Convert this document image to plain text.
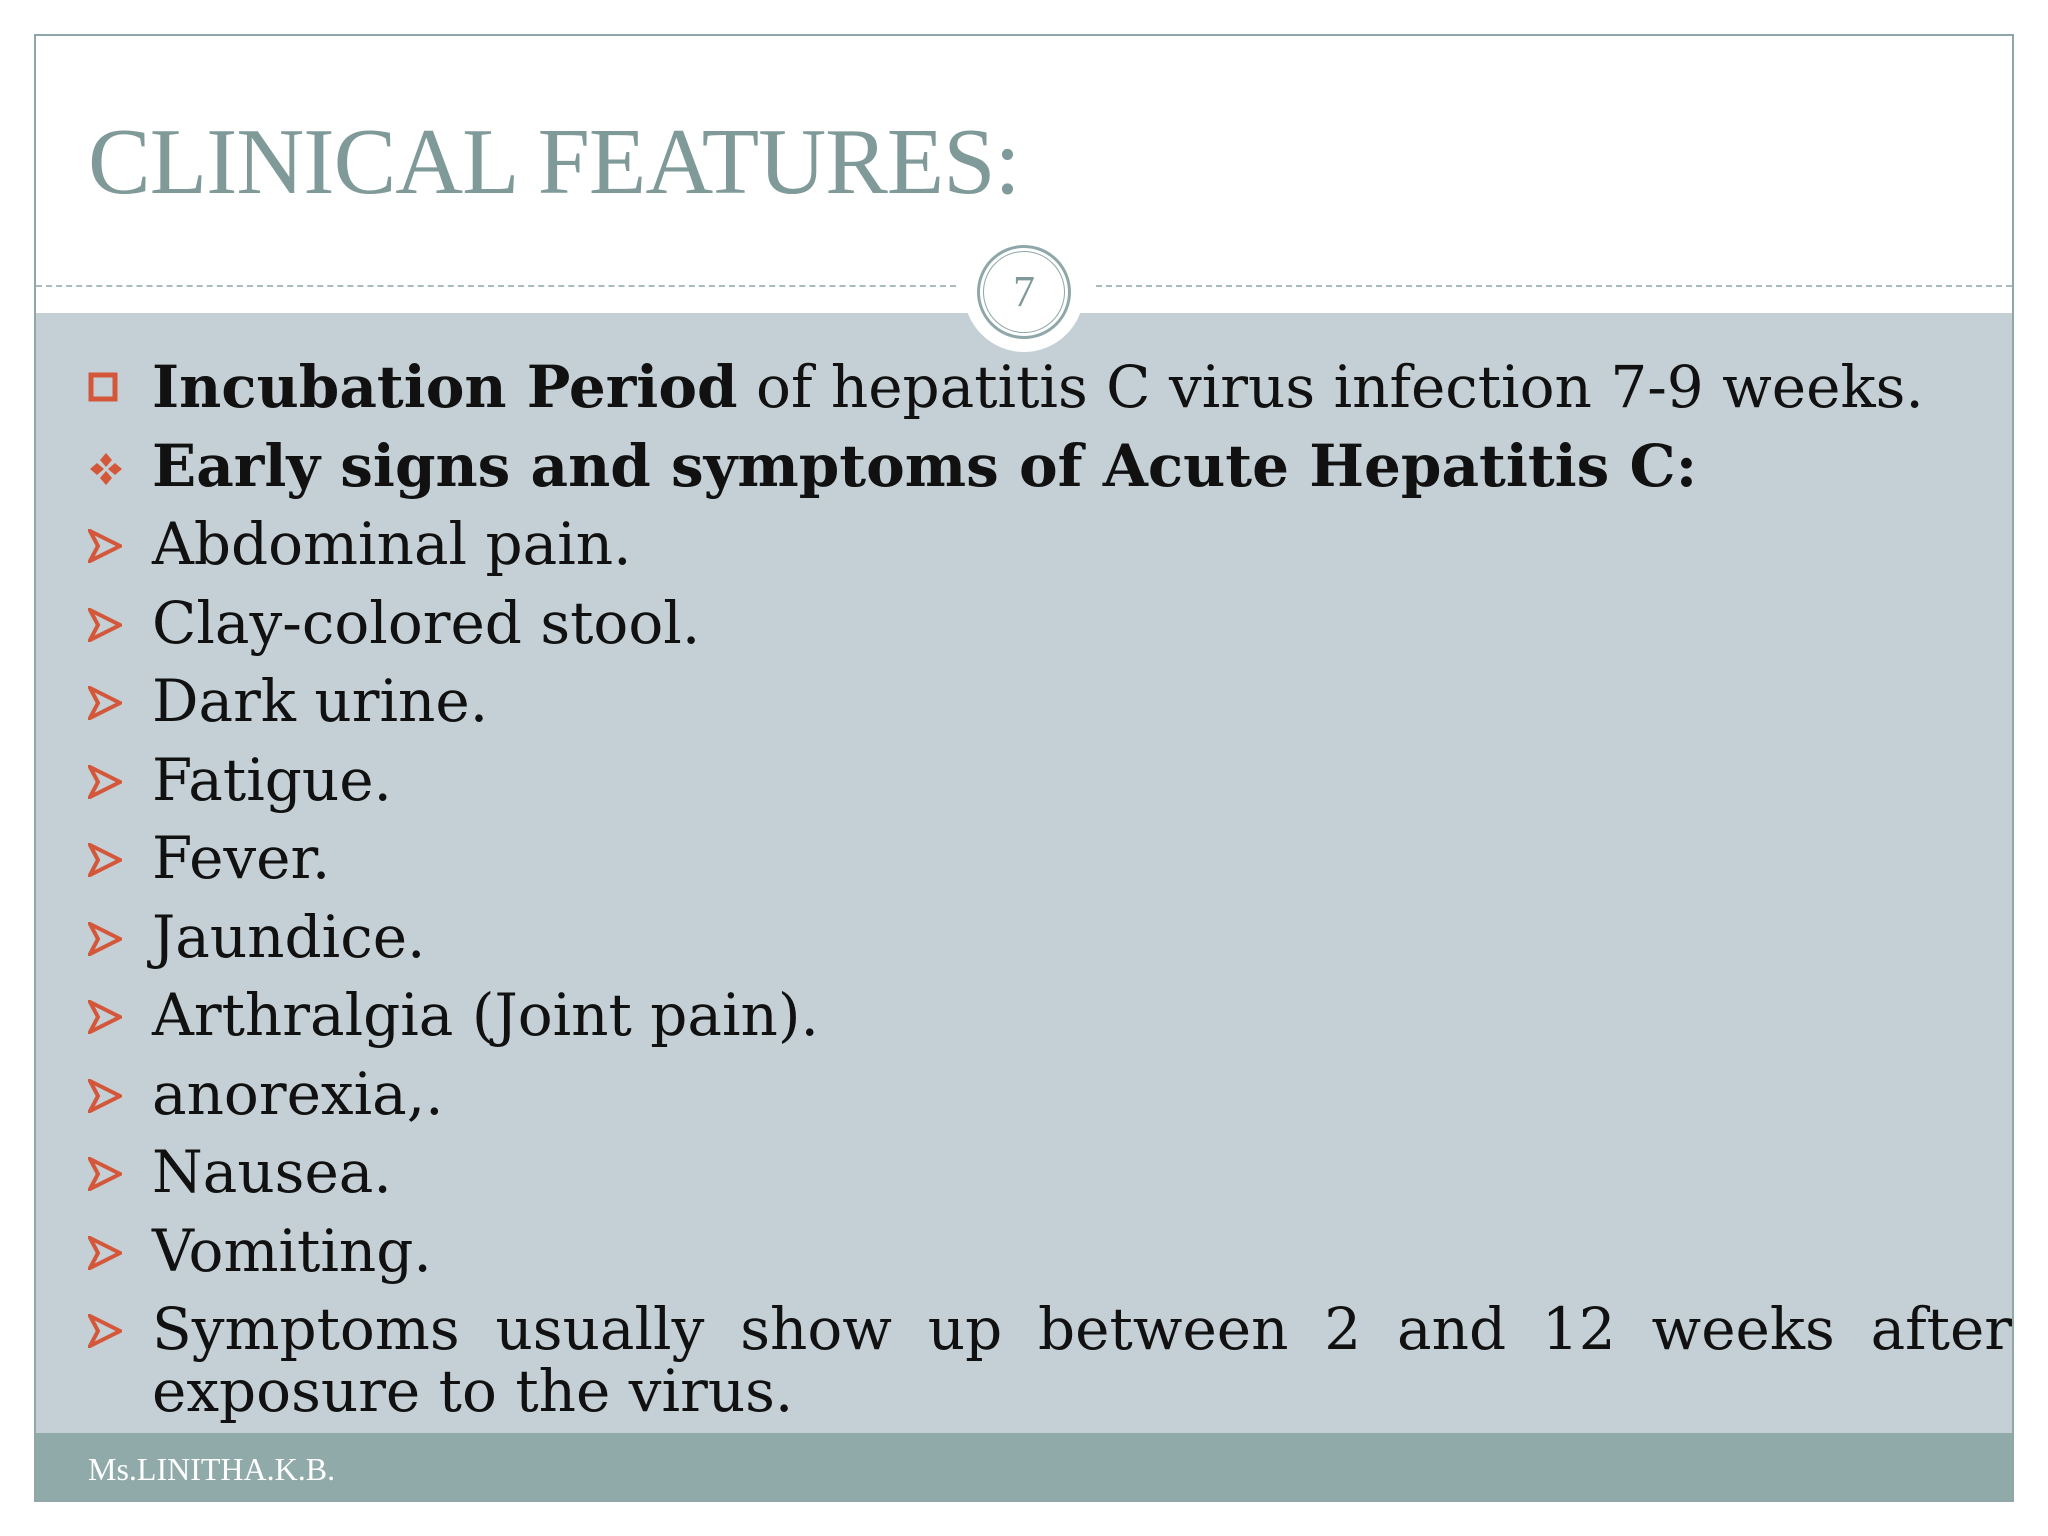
CLINICAL FEATURES:
7
Incubation Period of hepatitis C virus infection 7-9 weeks.
Early signs and symptoms of Acute Hepatitis C:
Abdominal pain.
Clay-colored stool.
Dark urine.
Fatigue.
Fever.
Jaundice.
Arthralgia (Joint pain).
anorexia,.
Nausea.
Vomiting.
Symptoms usually show up between 2 and 12 weeks after exposure to the virus.
Ms.LINITHA.K.B.
